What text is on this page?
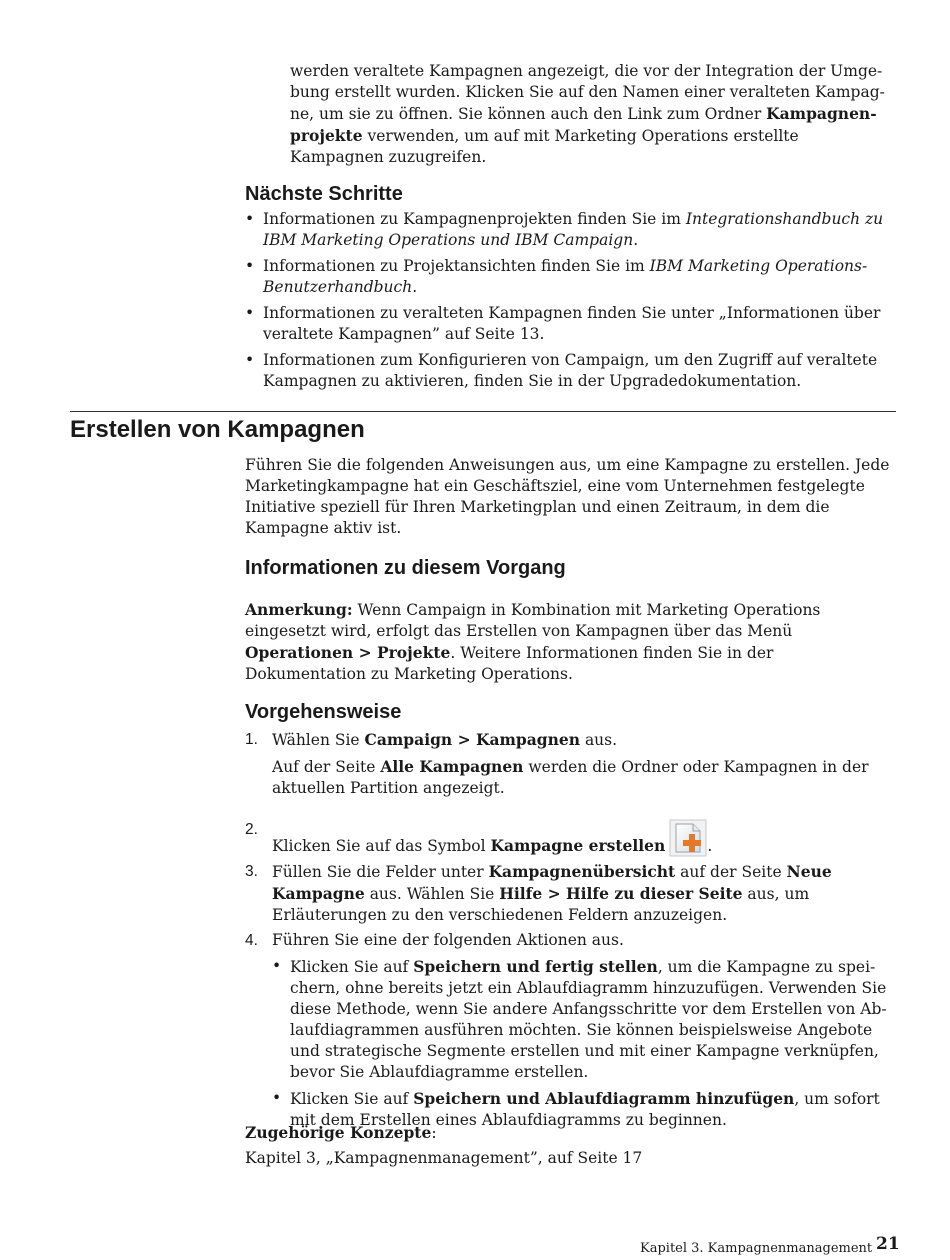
werden veraltete Kampagnen angezeigt, die vor der Integration der Umgebung erstellt wurden. Klicken Sie auf den Namen einer veralteten Kampagne, um sie zu öffnen. Sie können auch den Link zum Ordner Kampagnenprojekte verwenden, um auf mit Marketing Operations erstellte Kampagnen zuzugreifen.

Nächste Schritte
• Informationen zu Kampagnenprojekten finden Sie im Integrationshandbuch zu IBM Marketing Operations und IBM Campaign.
• Informationen zu Projektansichten finden Sie im IBM Marketing Operations-Benutzerhandbuch.
• Informationen zu veralteten Kampagnen finden Sie unter „Informationen über veraltete Kampagnen” auf Seite 13.
• Informationen zum Konfigurieren von Campaign, um den Zugriff auf veraltete Kampagnen zu aktivieren, finden Sie in der Upgradedokumentation.
Erstellen von Kampagnen

Führen Sie die folgenden Anweisungen aus, um eine Kampagne zu erstellen. Jede Marketingkampagne hat ein Geschäftsziel, eine vom Unternehmen festgelegte Initiative speziell für Ihren Marketingplan und einen Zeitraum, in dem die Kampagne aktiv ist.

Informationen zu diesem Vorgang

Anmerkung: Wenn Campaign in Kombination mit Marketing Operations eingesetzt wird, erfolgt das Erstellen von Kampagnen über das Menü Operationen > Projekte. Weitere Informationen finden Sie in der Dokumentation zu Marketing Operations.

Vorgehensweise
1. Wählen Sie Campaign > Kampagnen aus.
Auf der Seite Alle Kampagnen werden die Ordner oder Kampagnen in der aktuellen Partition angezeigt.
2.
Klicken Sie auf das Symbol Kampagne erstellen	.
3. Füllen Sie die Felder unter Kampagnenübersicht auf der Seite Neue Kampagne aus. Wählen Sie Hilfe > Hilfe zu dieser Seite aus, um Erläuterungen zu den verschiedenen Feldern anzuzeigen.
4. Führen Sie eine der folgenden Aktionen aus.
• Klicken Sie auf Speichern und fertig stellen, um die Kampagne zu speichern, ohne bereits jetzt ein Ablaufdiagramm hinzuzufügen. Verwenden Sie diese Methode, wenn Sie andere Anfangsschritte vor dem Erstellen von Ablaufdiagrammen ausführen möchten. Sie können beispielsweise Angebote und strategische Segmente erstellen und mit einer Kampagne verknüpfen, bevor Sie Ablaufdiagramme erstellen.
• Klicken Sie auf Speichern und Ablaufdiagramm hinzufügen, um sofort mit dem Erstellen eines Ablaufdiagramms zu beginnen.

Zugehörige Konzepte:

Kapitel 3, „Kampagnenmanagement”, auf Seite 17

Kapitel 3. Kampagnenmanagement 21
